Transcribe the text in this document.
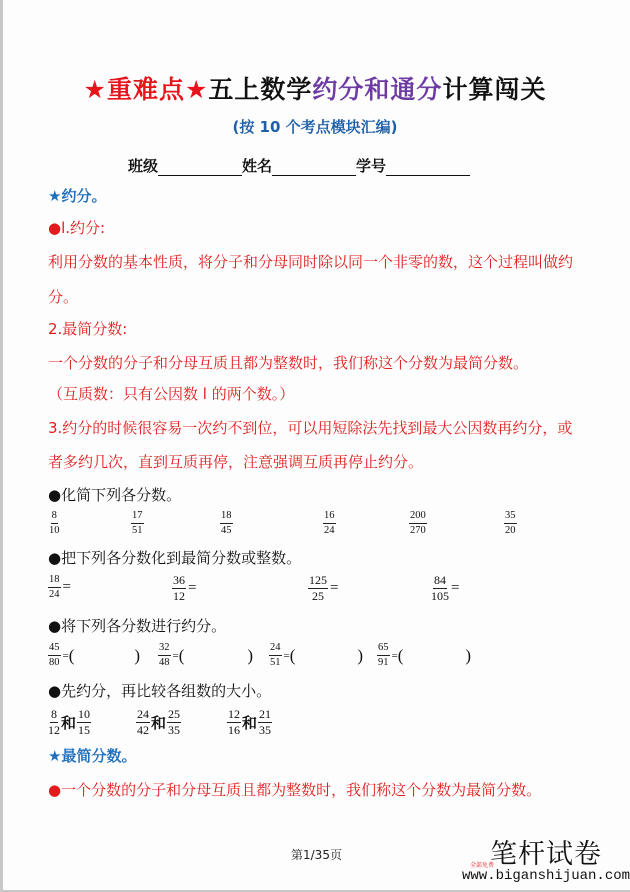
★重难点★五上数学约分和通分计算闯关
(按 10 个考点模块汇编)
班级	姓名	学号
★约分。
●l.约分:
利用分数的基本性质，将分子和分母同时除以同一个非零的数，这个过程叫做约
分。
2.最简分数:
一个分数的分子和分母互质且都为整数时，我们称这个分数为最简分数。
（互质数：只有公因数 l 的两个数。）
3.约分的时候很容易一次约不到位，可以用短除法先找到最大公因数再约分，或
者多约几次，直到互质再停，注意强调互质再停止约分。
●化简下列各分数。
$\frac{8}{10}$	$\frac{17}{51}$	$\frac{18}{45}$	$\frac{16}{24}$	$\frac{200}{270}$	$\frac{35}{20}$
●把下列各分数化到最简分数或整数。
$\frac{18}{24}$ =	$\frac{36}{12}$ =	$\frac{125}{25}$ =	$\frac{84}{105}$ =
●将下列各分数进行约分。
$\frac{45}{80}$ = (	) $\frac{32}{48}$ = (	) $\frac{24}{51}$ = (	) $\frac{65}{91}$ = (	)
●先约分，再比较各组数的大小。
$\frac{8}{12}$ 和 $\frac{10}{15}$	$\frac{24}{42}$ 和 $\frac{25}{35}$	$\frac{12}{16}$ 和 $\frac{21}{35}$
★最简分数。
●一个分数的分子和分母互质且都为整数时，我们称这个分数为最简分数。
第1/35页	笔杆试卷
全部免费
www.biganshijuan.com
